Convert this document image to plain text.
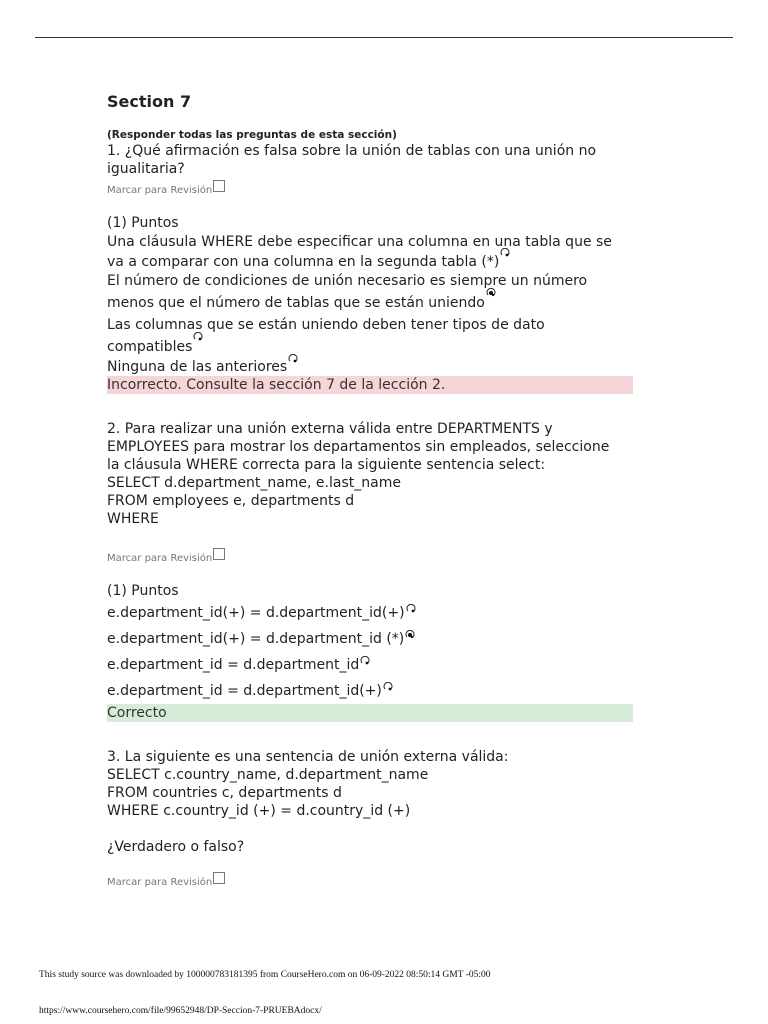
Section 7
(Responder todas las preguntas de esta sección)
1. ¿Qué afirmación es falsa sobre la unión de tablas con una unión no
igualitaria?
Marcar para Revisión
(1) Puntos
Una cláusula WHERE debe especificar una columna en una tabla que se
va a comparar con una columna en la segunda tabla (*)
El número de condiciones de unión necesario es siempre un número
menos que el número de tablas que se están uniendo
Las columnas que se están uniendo deben tener tipos de dato
compatibles
Ninguna de las anteriores
Incorrecto. Consulte la sección 7 de la lección 2.
2. Para realizar una unión externa válida entre DEPARTMENTS y
EMPLOYEES para mostrar los departamentos sin empleados, seleccione
la cláusula WHERE correcta para la siguiente sentencia select:
SELECT d.department_name, e.last_name
FROM employees e, departments d
WHERE
Marcar para Revisión
(1) Puntos
e.department_id(+) = d.department_id(+)
e.department_id(+) = d.department_id (*)
e.department_id = d.department_id
e.department_id = d.department_id(+)
Correcto
3. La siguiente es una sentencia de unión externa válida:
SELECT c.country_name, d.department_name
FROM countries c, departments d
WHERE c.country_id (+) = d.country_id (+)

¿Verdadero o falso?
Marcar para Revisión
This study source was downloaded by 100000783181395 from CourseHero.com on 06-09-2022 08:50:14 GMT -05:00
https://www.coursehero.com/file/99652948/DP-Seccion-7-PRUEBAdocx/
